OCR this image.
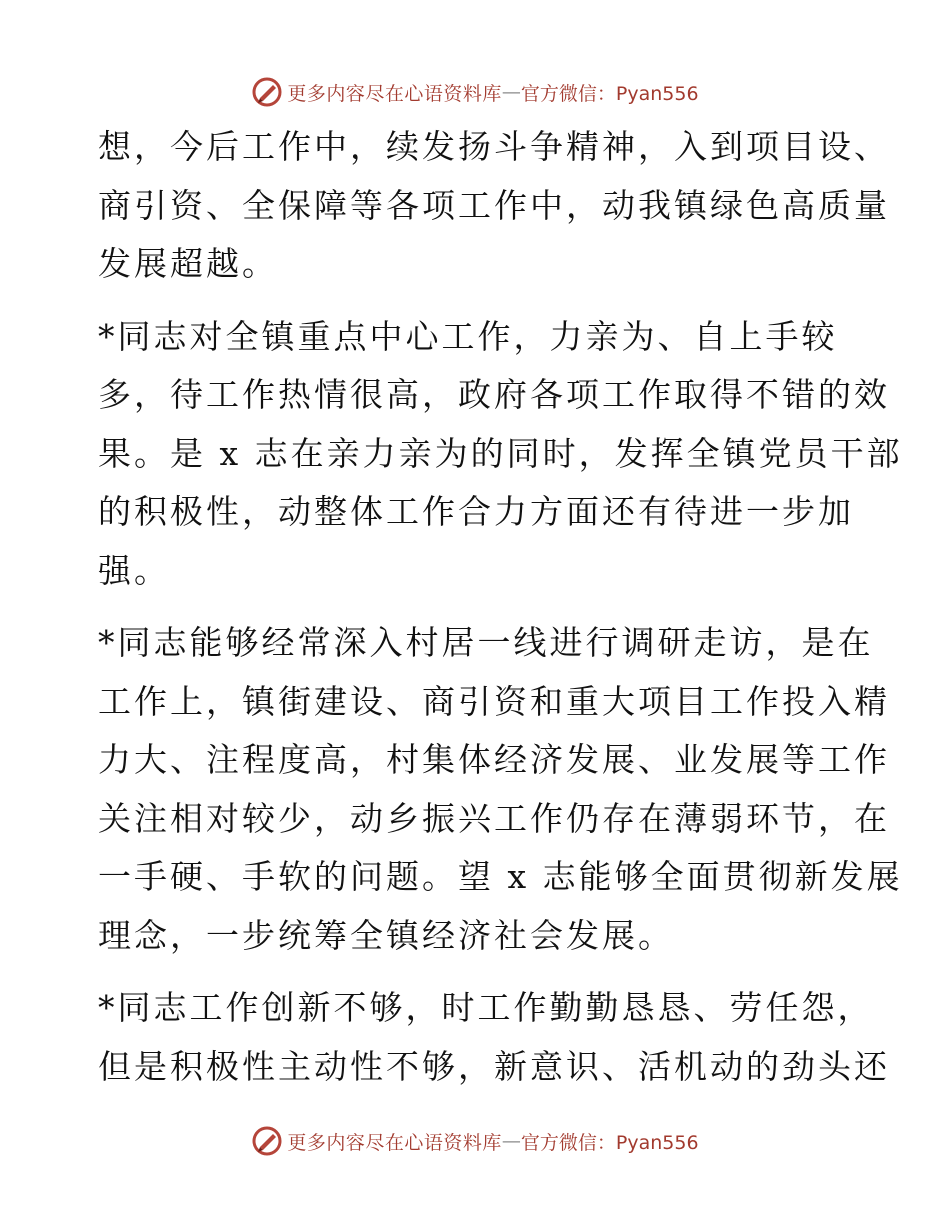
更多内容尽在心语资料库 — 官方微信：Pyan556
想，今后工作中，续发扬斗争精神，入到项目设、
商引资、全保障等各项工作中，动我镇绿色高质量
发展超越。
*同志对全镇重点中心工作，力亲为、自上手较
多，待工作热情很高，政府各项工作取得不错的效
果。是 x 志在亲力亲为的同时，发挥全镇党员干部
的积极性，动整体工作合力方面还有待进一步加
强。
*同志能够经常深入村居一线进行调研走访，是在
工作上，镇街建设、商引资和重大项目工作投入精
力大、注程度高，村集体经济发展、业发展等工作
关注相对较少，动乡振兴工作仍存在薄弱环节，在
一手硬、手软的问题。望 x 志能够全面贯彻新发展
理念，一步统筹全镇经济社会发展。
*同志工作创新不够，时工作勤勤恳恳、劳任怨，
但是积极性主动性不够，新意识、活机动的劲头还
更多内容尽在心语资料库 — 官方微信：Pyan556
